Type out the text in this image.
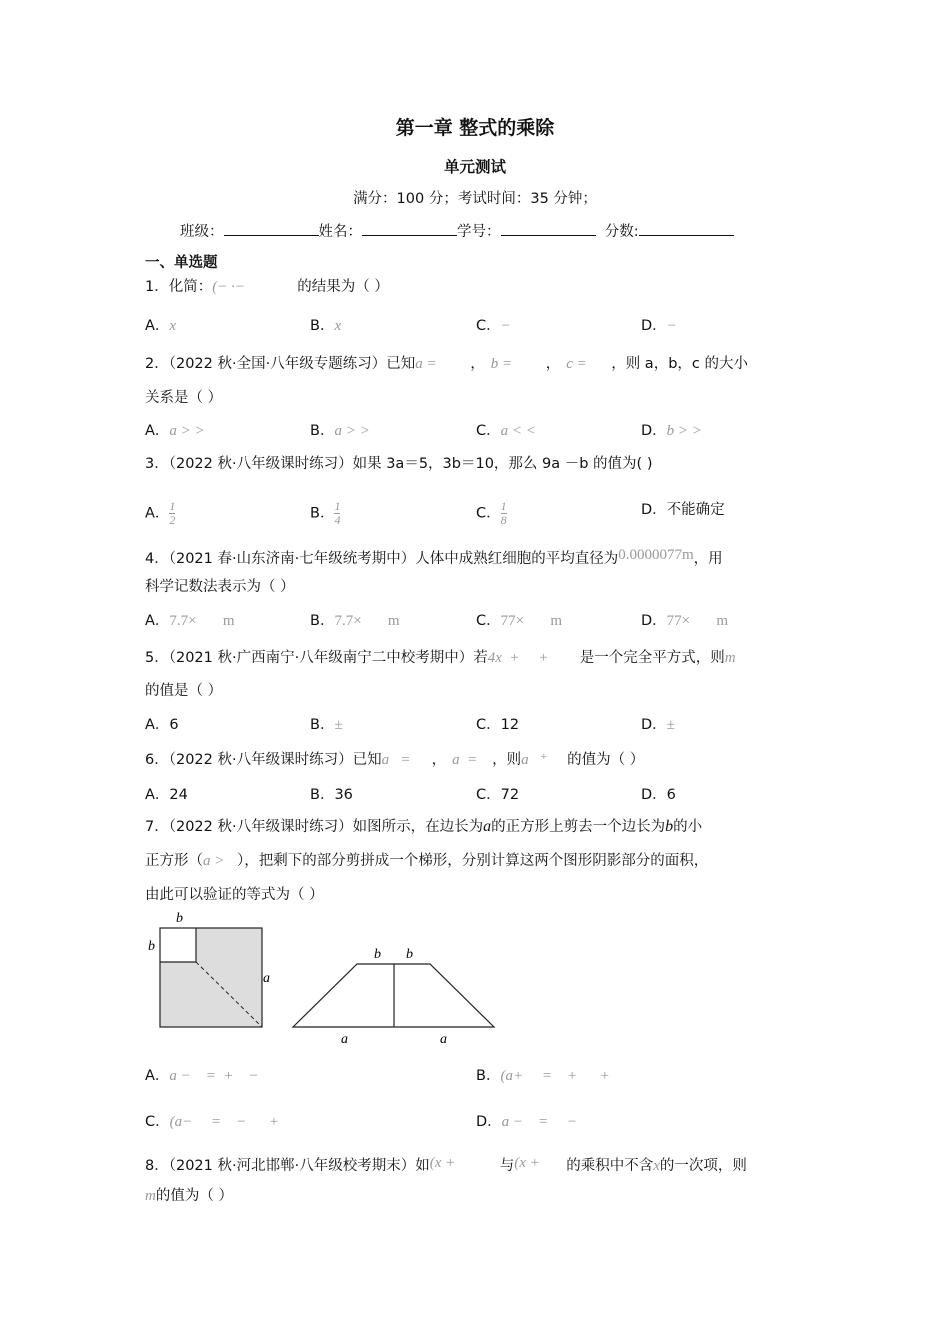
第一章 整式的乘除
单元测试
满分：100 分；考试时间：35 分钟；
班级：	姓名：	学号：	分数:
一、单选题
1．化简：(− ·−	的结果为（ ）
A．x	B．x	C．−	D．−
2．（2022 秋·全国·八年级专题练习）已知a = ， b = ， c = ，则 a，b，c 的大小
关系是（ ）
A．a > >	B．a > >	C．a < <	D．b > >
3．（2022 秋·八年级课时练习）如果 3a＝5，3b＝10，那么 9a －b 的值为( )
A． $\frac{1}{2}$	B． $\frac{1}{4}$	C． $\frac{1}{8}$	D．不能确定
4．（2021 春·山东济南·七年级统考期中）人体中成熟红细胞的平均直径为0.0000077m，用
科学记数法表示为（ ）
A．7.7×       m	B．7.7×       m	C．77×       m	D．77×       m
5．（2021 秋·广西南宁·八年级南宁二中校考期中）若4x  +     + 是一个完全平方式，则m
的值是（ ）
A．6	B．±	C．12	D．±
6．（2022 秋·八年级课时练习）已知a   = ， a  = ，则a   ⁺ 的值为（ ）
A．24	B．36	C．72	D．6
7．（2022 秋·八年级课时练习）如图所示，在边长为a的正方形上剪去一个边长为b的小
正方形（a > ），把剩下的部分剪拼成一个梯形，分别计算这两个图形阴影部分的面积，
由此可以验证的等式为（ ）
b
b
a
b b
a	a
A．a −    =  +    −	B．(a+     =    +      +
C．(a−     =    −      +	D．a −    =     −
8．（2021 秋·河北邯郸·八年级校考期末）如(x +	与(x + 的乘积中不含x的一次项，则
m的值为（ ）
